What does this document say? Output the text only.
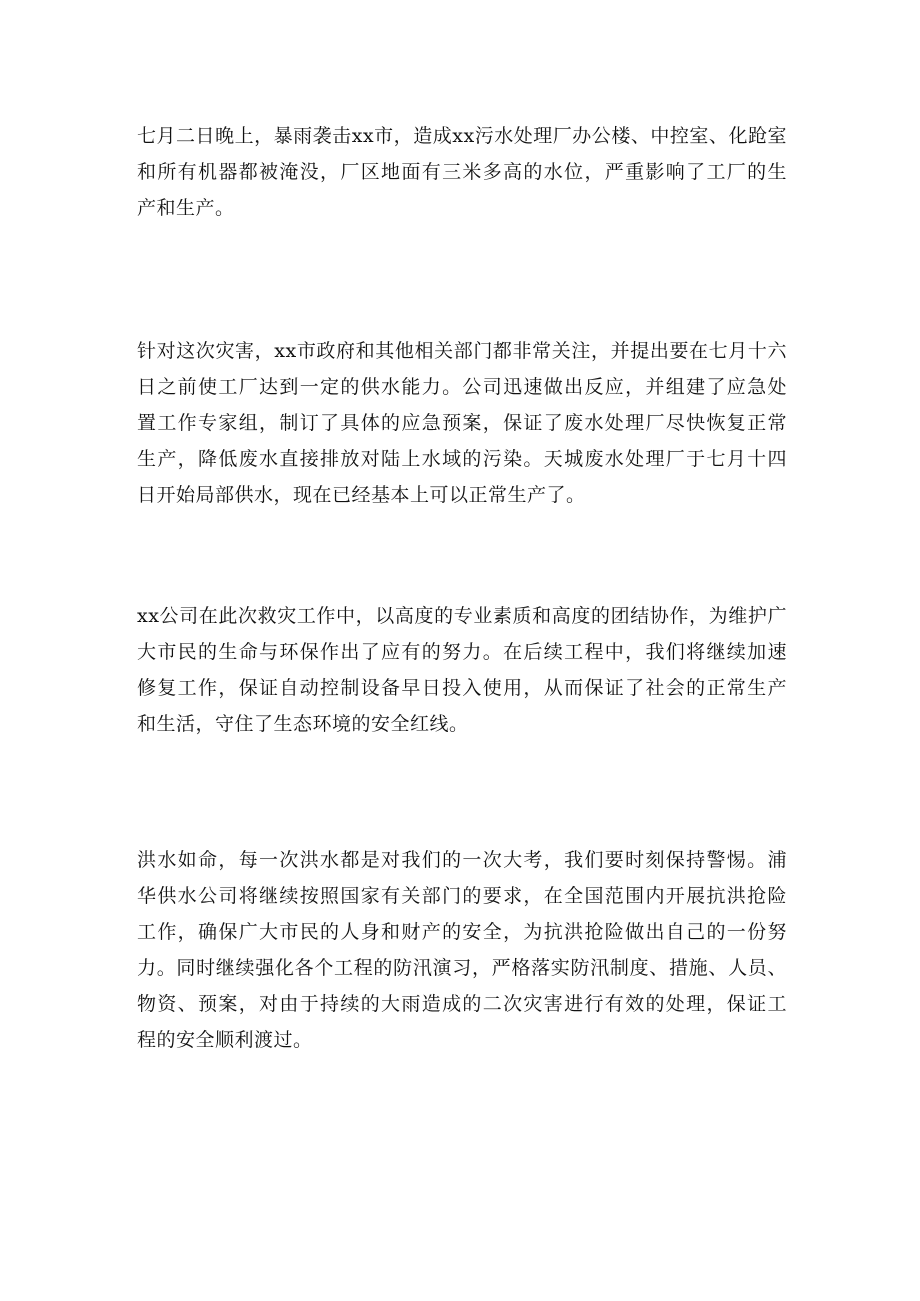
七月二日晚上，暴雨袭击xx市，造成xx污水处理厂办公楼、中控室、化跄室
和所有机器都被淹没，厂区地面有三米多高的水位，严重影响了工厂的生
产和生产。

针对这次灾害，xx市政府和其他相关部门都非常关注，并提出要在七月十六
日之前使工厂达到一定的供水能力。公司迅速做出反应，并组建了应急处
置工作专家组，制订了具体的应急预案，保证了废水处理厂尽快恢复正常
生产，降低废水直接排放对陆上水域的污染。天城废水处理厂于七月十四
日开始局部供水，现在已经基本上可以正常生产了。

xx公司在此次救灾工作中，以高度的专业素质和高度的团结协作，为维护广
大市民的生命与环保作出了应有的努力。在后续工程中，我们将继续加速
修复工作，保证自动控制设备早日投入使用，从而保证了社会的正常生产
和生活，守住了生态环境的安全红线。

洪水如命，每一次洪水都是对我们的一次大考，我们要时刻保持警惕。浦
华供水公司将继续按照国家有关部门的要求，在全国范围内开展抗洪抢险
工作，确保广大市民的人身和财产的安全，为抗洪抢险做出自己的一份努
力。同时继续强化各个工程的防汛演习，严格落实防汛制度、措施、人员、
物资、预案，对由于持续的大雨造成的二次灾害进行有效的处理，保证工
程的安全顺利渡过。
